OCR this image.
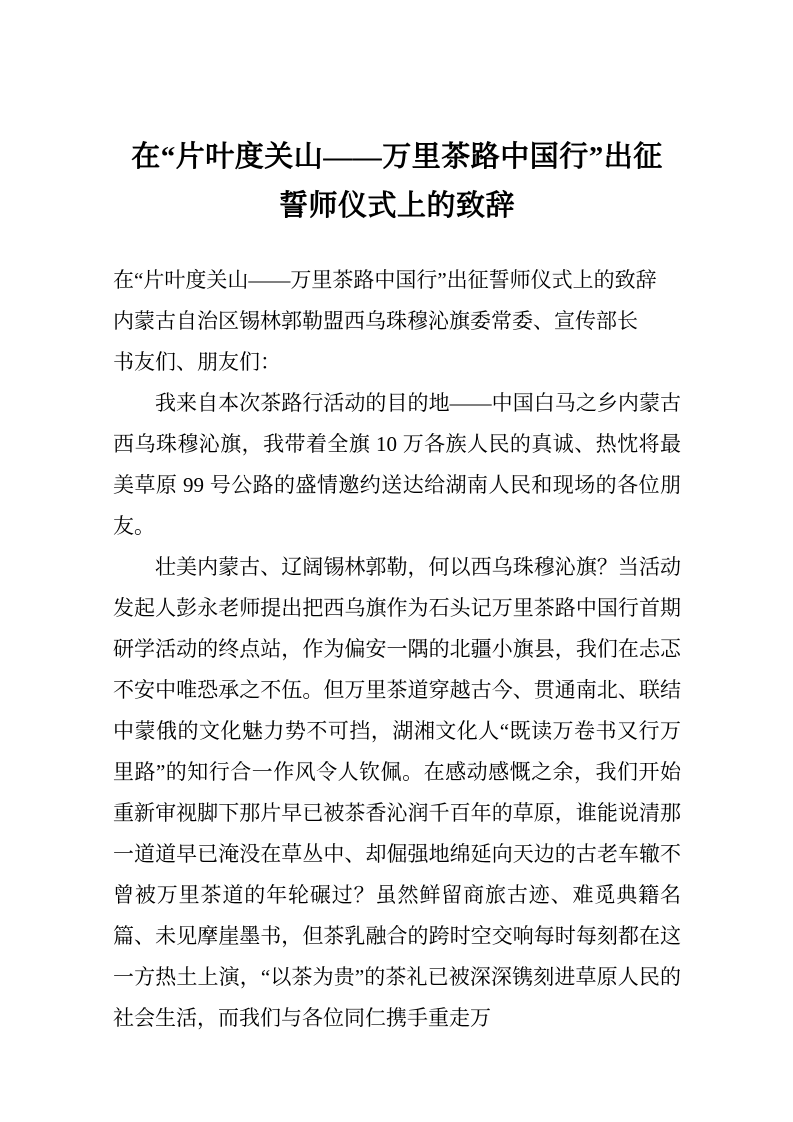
在“片叶度关山——万里茶路中国行”出征
誓师仪式上的致辞

在“片叶度关山——万里茶路中国行”出征誓师仪式上的致辞

内蒙古自治区锡林郭勒盟西乌珠穆沁旗委常委、宣传部长

书友们、朋友们：

我来自本次茶路行活动的目的地——中国白马之乡内蒙古西乌珠穆沁旗，我带着全旗 10 万各族人民的真诚、热忱将最美草原 99 号公路的盛情邀约送达给湖南人民和现场的各位朋友。

壮美内蒙古、辽阔锡林郭勒，何以西乌珠穆沁旗？当活动发起人彭永老师提出把西乌旗作为石头记万里茶路中国行首期研学活动的终点站，作为偏安一隅的北疆小旗县，我们在忐忑不安中唯恐承之不伍。但万里茶道穿越古今、贯通南北、联结中蒙俄的文化魅力势不可挡，湖湘文化人“既读万卷书又行万里路”的知行合一作风令人钦佩。在感动感慨之余，我们开始重新审视脚下那片早已被茶香沁润千百年的草原，谁能说清那一道道早已淹没在草丛中、却倔强地绵延向天边的古老车辙不曾被万里茶道的年轮碾过？虽然鲜留商旅古迹、难觅典籍名篇、未见摩崖墨书，但茶乳融合的跨时空交响每时每刻都在这一方热土上演，“以茶为贵”的茶礼已被深深镌刻进草原人民的社会生活，而我们与各位同仁携手重走万
